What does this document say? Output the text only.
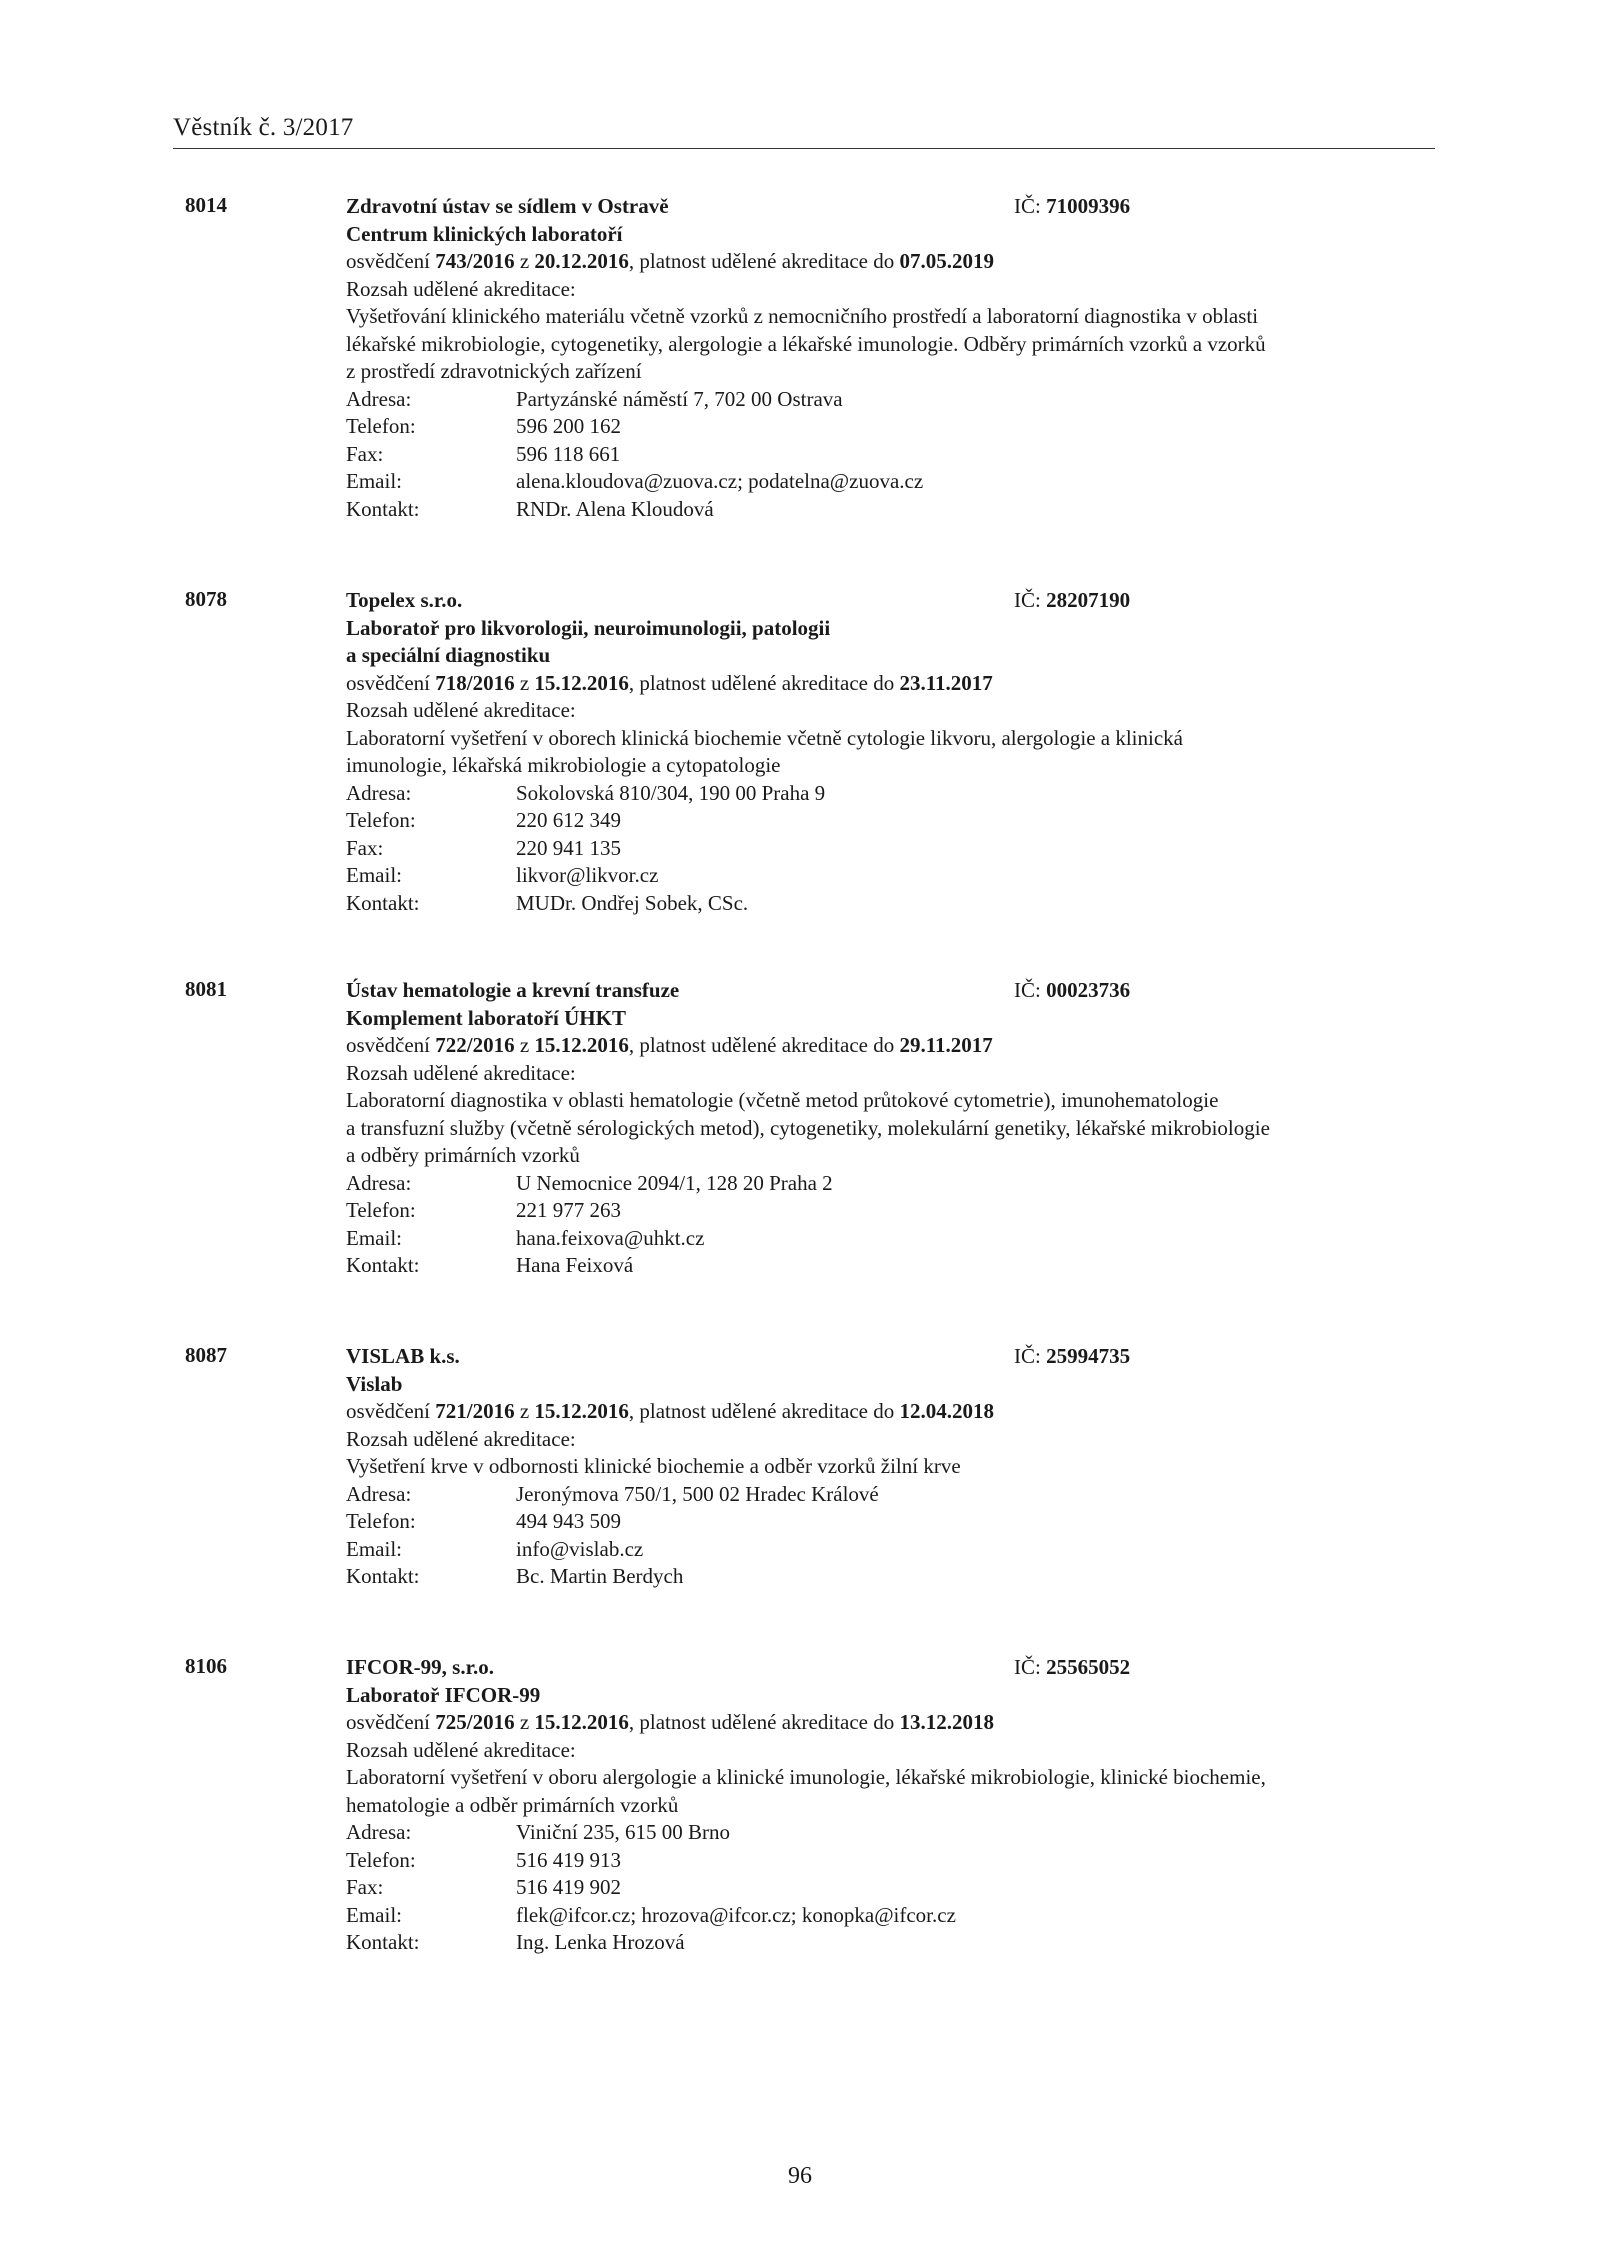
Věstník č. 3/2017
8014	Zdravotní ústav se sídlem v Ostravě	IČ: 71009396
Centrum klinických laboratoří
osvědčení 743/2016 z 20.12.2016, platnost udělené akreditace do 07.05.2019
Rozsah udělené akreditace:
Vyšetřování klinického materiálu včetně vzorků z nemocničního prostředí a laboratorní diagnostika v oblasti
lékařské mikrobiologie, cytogenetiky, alergologie a lékařské imunologie. Odběry primárních vzorků a vzorků
z prostředí zdravotnických zařízení
Adresa:	Partyzánské náměstí 7, 702 00 Ostrava
Telefon:	596 200 162
Fax:	596 118 661
Email:	alena.kloudova@zuova.cz; podatelna@zuova.cz
Kontakt:	RNDr. Alena Kloudová
8078	Topelex s.r.o.	IČ: 28207190
Laboratoř pro likvorologii, neuroimunologii, patologii
a speciální diagnostiku
osvědčení 718/2016 z 15.12.2016, platnost udělené akreditace do 23.11.2017
Rozsah udělené akreditace:
Laboratorní vyšetření v oborech klinická biochemie včetně cytologie likvoru, alergologie a klinická
imunologie, lékařská mikrobiologie a cytopatologie
Adresa:	Sokolovská 810/304, 190 00 Praha 9
Telefon:	220 612 349
Fax:	220 941 135
Email:	likvor@likvor.cz
Kontakt:	MUDr. Ondřej Sobek, CSc.
8081	Ústav hematologie a krevní transfuze	IČ: 00023736
Komplement laboratoří ÚHKT
osvědčení 722/2016 z 15.12.2016, platnost udělené akreditace do 29.11.2017
Rozsah udělené akreditace:
Laboratorní diagnostika v oblasti hematologie (včetně metod průtokové cytometrie), imunohematologie
a transfuzní služby (včetně sérologických metod), cytogenetiky, molekulární genetiky, lékařské mikrobiologie
a odběry primárních vzorků
Adresa:	U Nemocnice 2094/1, 128 20 Praha 2
Telefon:	221 977 263
Email:	hana.feixova@uhkt.cz
Kontakt:	Hana Feixová
8087	VISLAB k.s.	IČ: 25994735
Vislab
osvědčení 721/2016 z 15.12.2016, platnost udělené akreditace do 12.04.2018
Rozsah udělené akreditace:
Vyšetření krve v odbornosti klinické biochemie a odběr vzorků žilní krve
Adresa:	Jeronýmova 750/1, 500 02 Hradec Králové
Telefon:	494 943 509
Email:	info@vislab.cz
Kontakt:	Bc. Martin Berdych
8106	IFCOR-99, s.r.o.	IČ: 25565052
Laboratoř IFCOR-99
osvědčení 725/2016 z 15.12.2016, platnost udělené akreditace do 13.12.2018
Rozsah udělené akreditace:
Laboratorní vyšetření v oboru alergologie a klinické imunologie, lékařské mikrobiologie, klinické biochemie,
hematologie a odběr primárních vzorků
Adresa:	Viniční 235, 615 00 Brno
Telefon:	516 419 913
Fax:	516 419 902
Email:	flek@ifcor.cz; hrozova@ifcor.cz; konopka@ifcor.cz
Kontakt:	Ing. Lenka Hrozová
96
